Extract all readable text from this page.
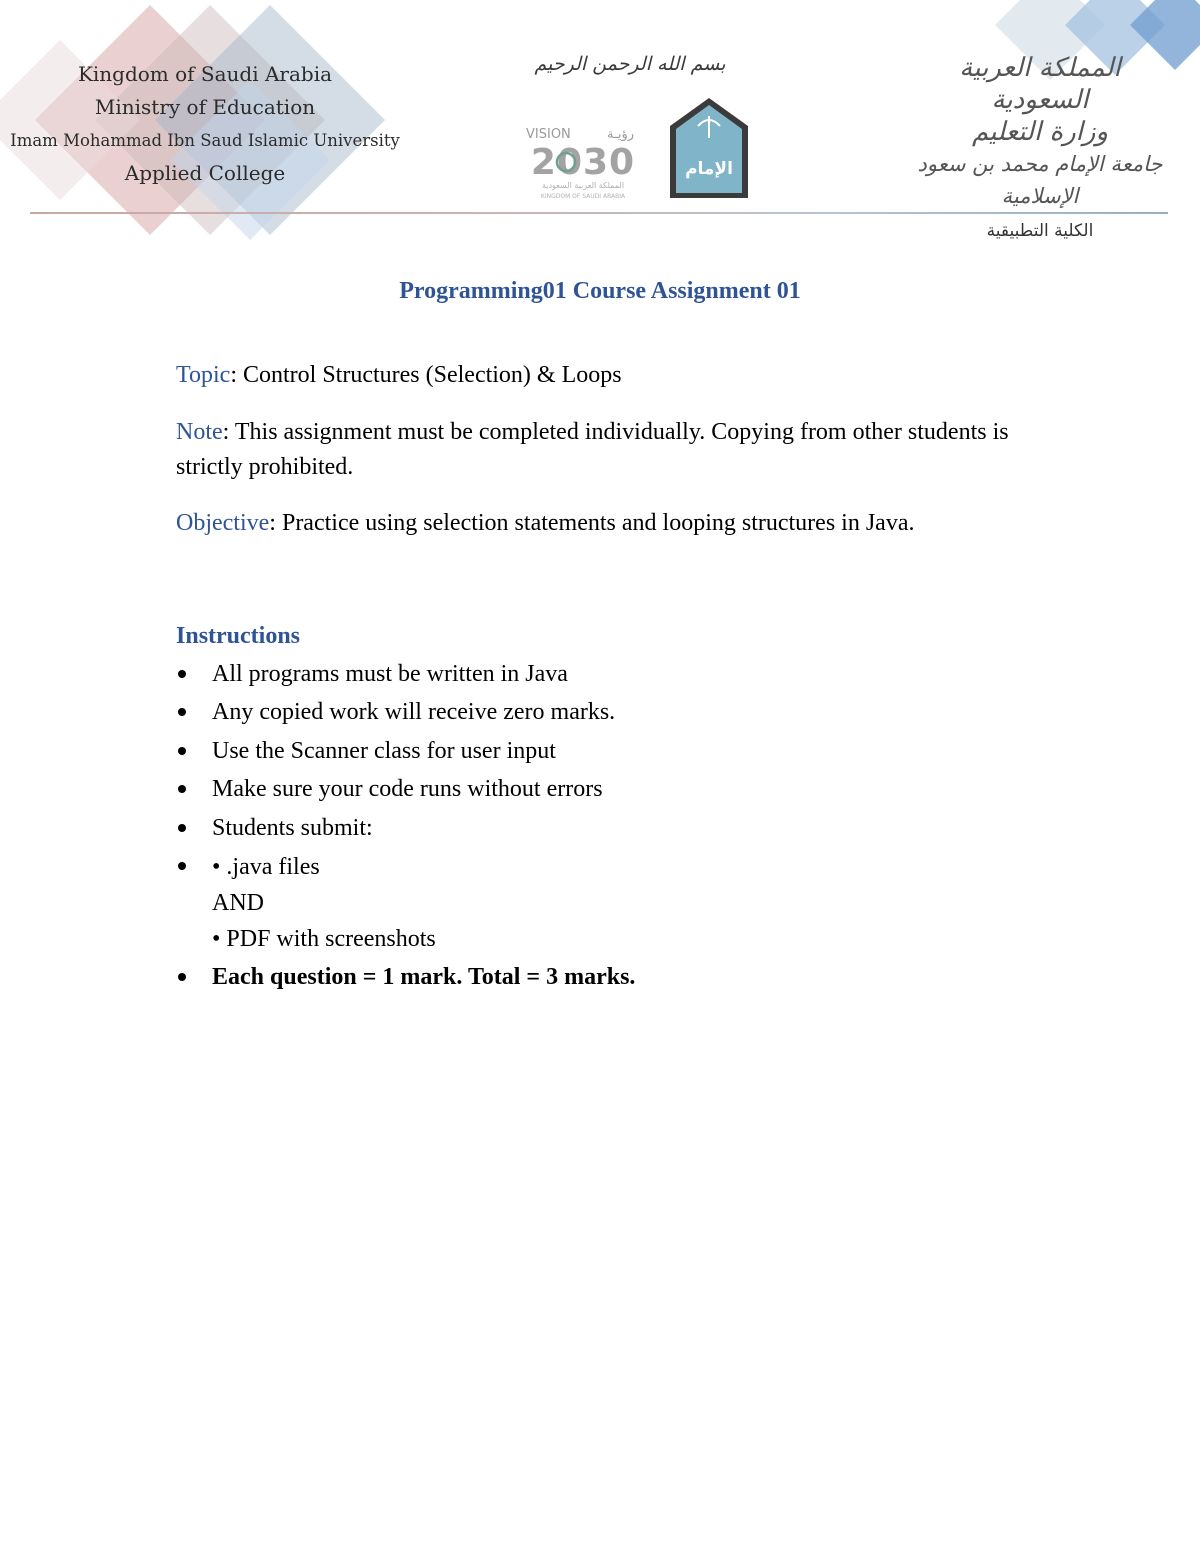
Kingdom of Saudi Arabia
Ministry of Education
Imam Mohammad Ibn Saud Islamic University
Applied College
بسم الله الرحمن الرحيم
VISION	رؤيـة
2030
المملكة العربية السعودية
KINGDOM OF SAUDI ARABIA
الإمام
المملكة العربية السعودية
وزارة التعليم
جامعة الإمام محمد بن سعود الإسلامية
الكلية التطبيقية
Programming01 Course Assignment 01

Topic: Control Structures (Selection) & Loops

Note: This assignment must be completed individually. Copying from other students is strictly prohibited.

Objective: Practice using selection statements and looping structures in Java.

Instructions
All programs must be written in Java
Any copied work will receive zero marks.
Use the Scanner class for user input
Make sure your code runs without errors
Students submit:
• .java files
AND
• PDF with screenshots
Each question = 1 mark. Total = 3 marks.
